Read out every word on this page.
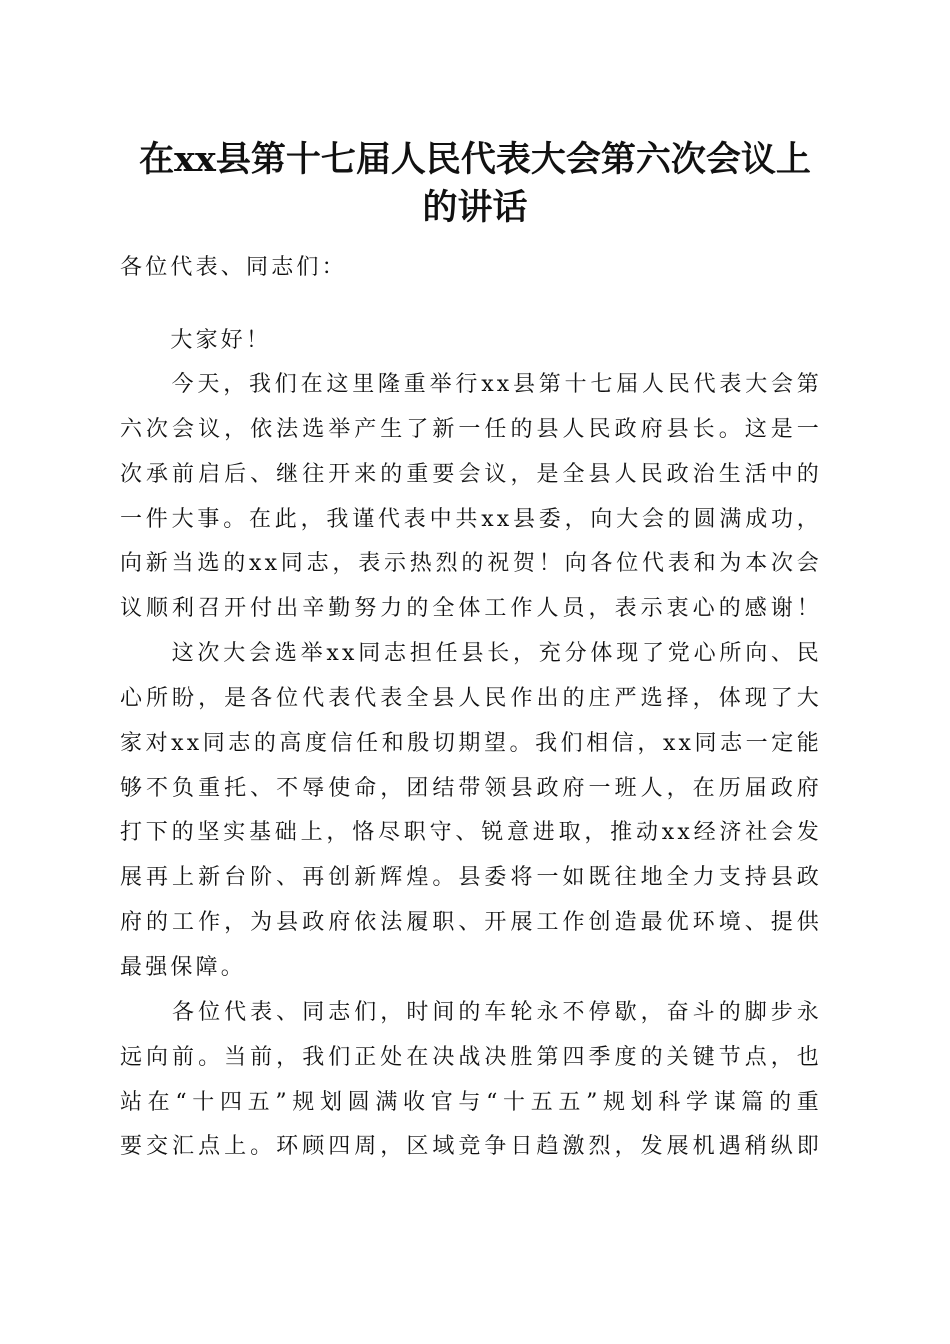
在xx县第十七届人民代表大会第六次会议上
的讲话
各位代表、同志们：
　　大家好！
　　今天，我们在这里隆重举行xx县第十七届人民代表大会第
六次会议，依法选举产生了新一任的县人民政府县长。这是一
次承前启后、继往开来的重要会议，是全县人民政治生活中的
一件大事。在此，我谨代表中共xx县委，向大会的圆满成功，
向新当选的xx同志，表示热烈的祝贺！向各位代表和为本次会
议顺利召开付出辛勤努力的全体工作人员，表示衷心的感谢！
　　这次大会选举xx同志担任县长，充分体现了党心所向、民
心所盼，是各位代表代表全县人民作出的庄严选择，体现了大
家对xx同志的高度信任和殷切期望。我们相信，xx同志一定能
够不负重托、不辱使命，团结带领县政府一班人，在历届政府
打下的坚实基础上，恪尽职守、锐意进取，推动xx经济社会发
展再上新台阶、再创新辉煌。县委将一如既往地全力支持县政
府的工作，为县政府依法履职、开展工作创造最优环境、提供
最强保障。
　　各位代表、同志们，时间的车轮永不停歇，奋斗的脚步永
远向前。当前，我们正处在决战决胜第四季度的关键节点，也
站在“十四五”规划圆满收官与“十五五”规划科学谋篇的重
要交汇点上。环顾四周，区域竞争日趋激烈，发展机遇稍纵即
